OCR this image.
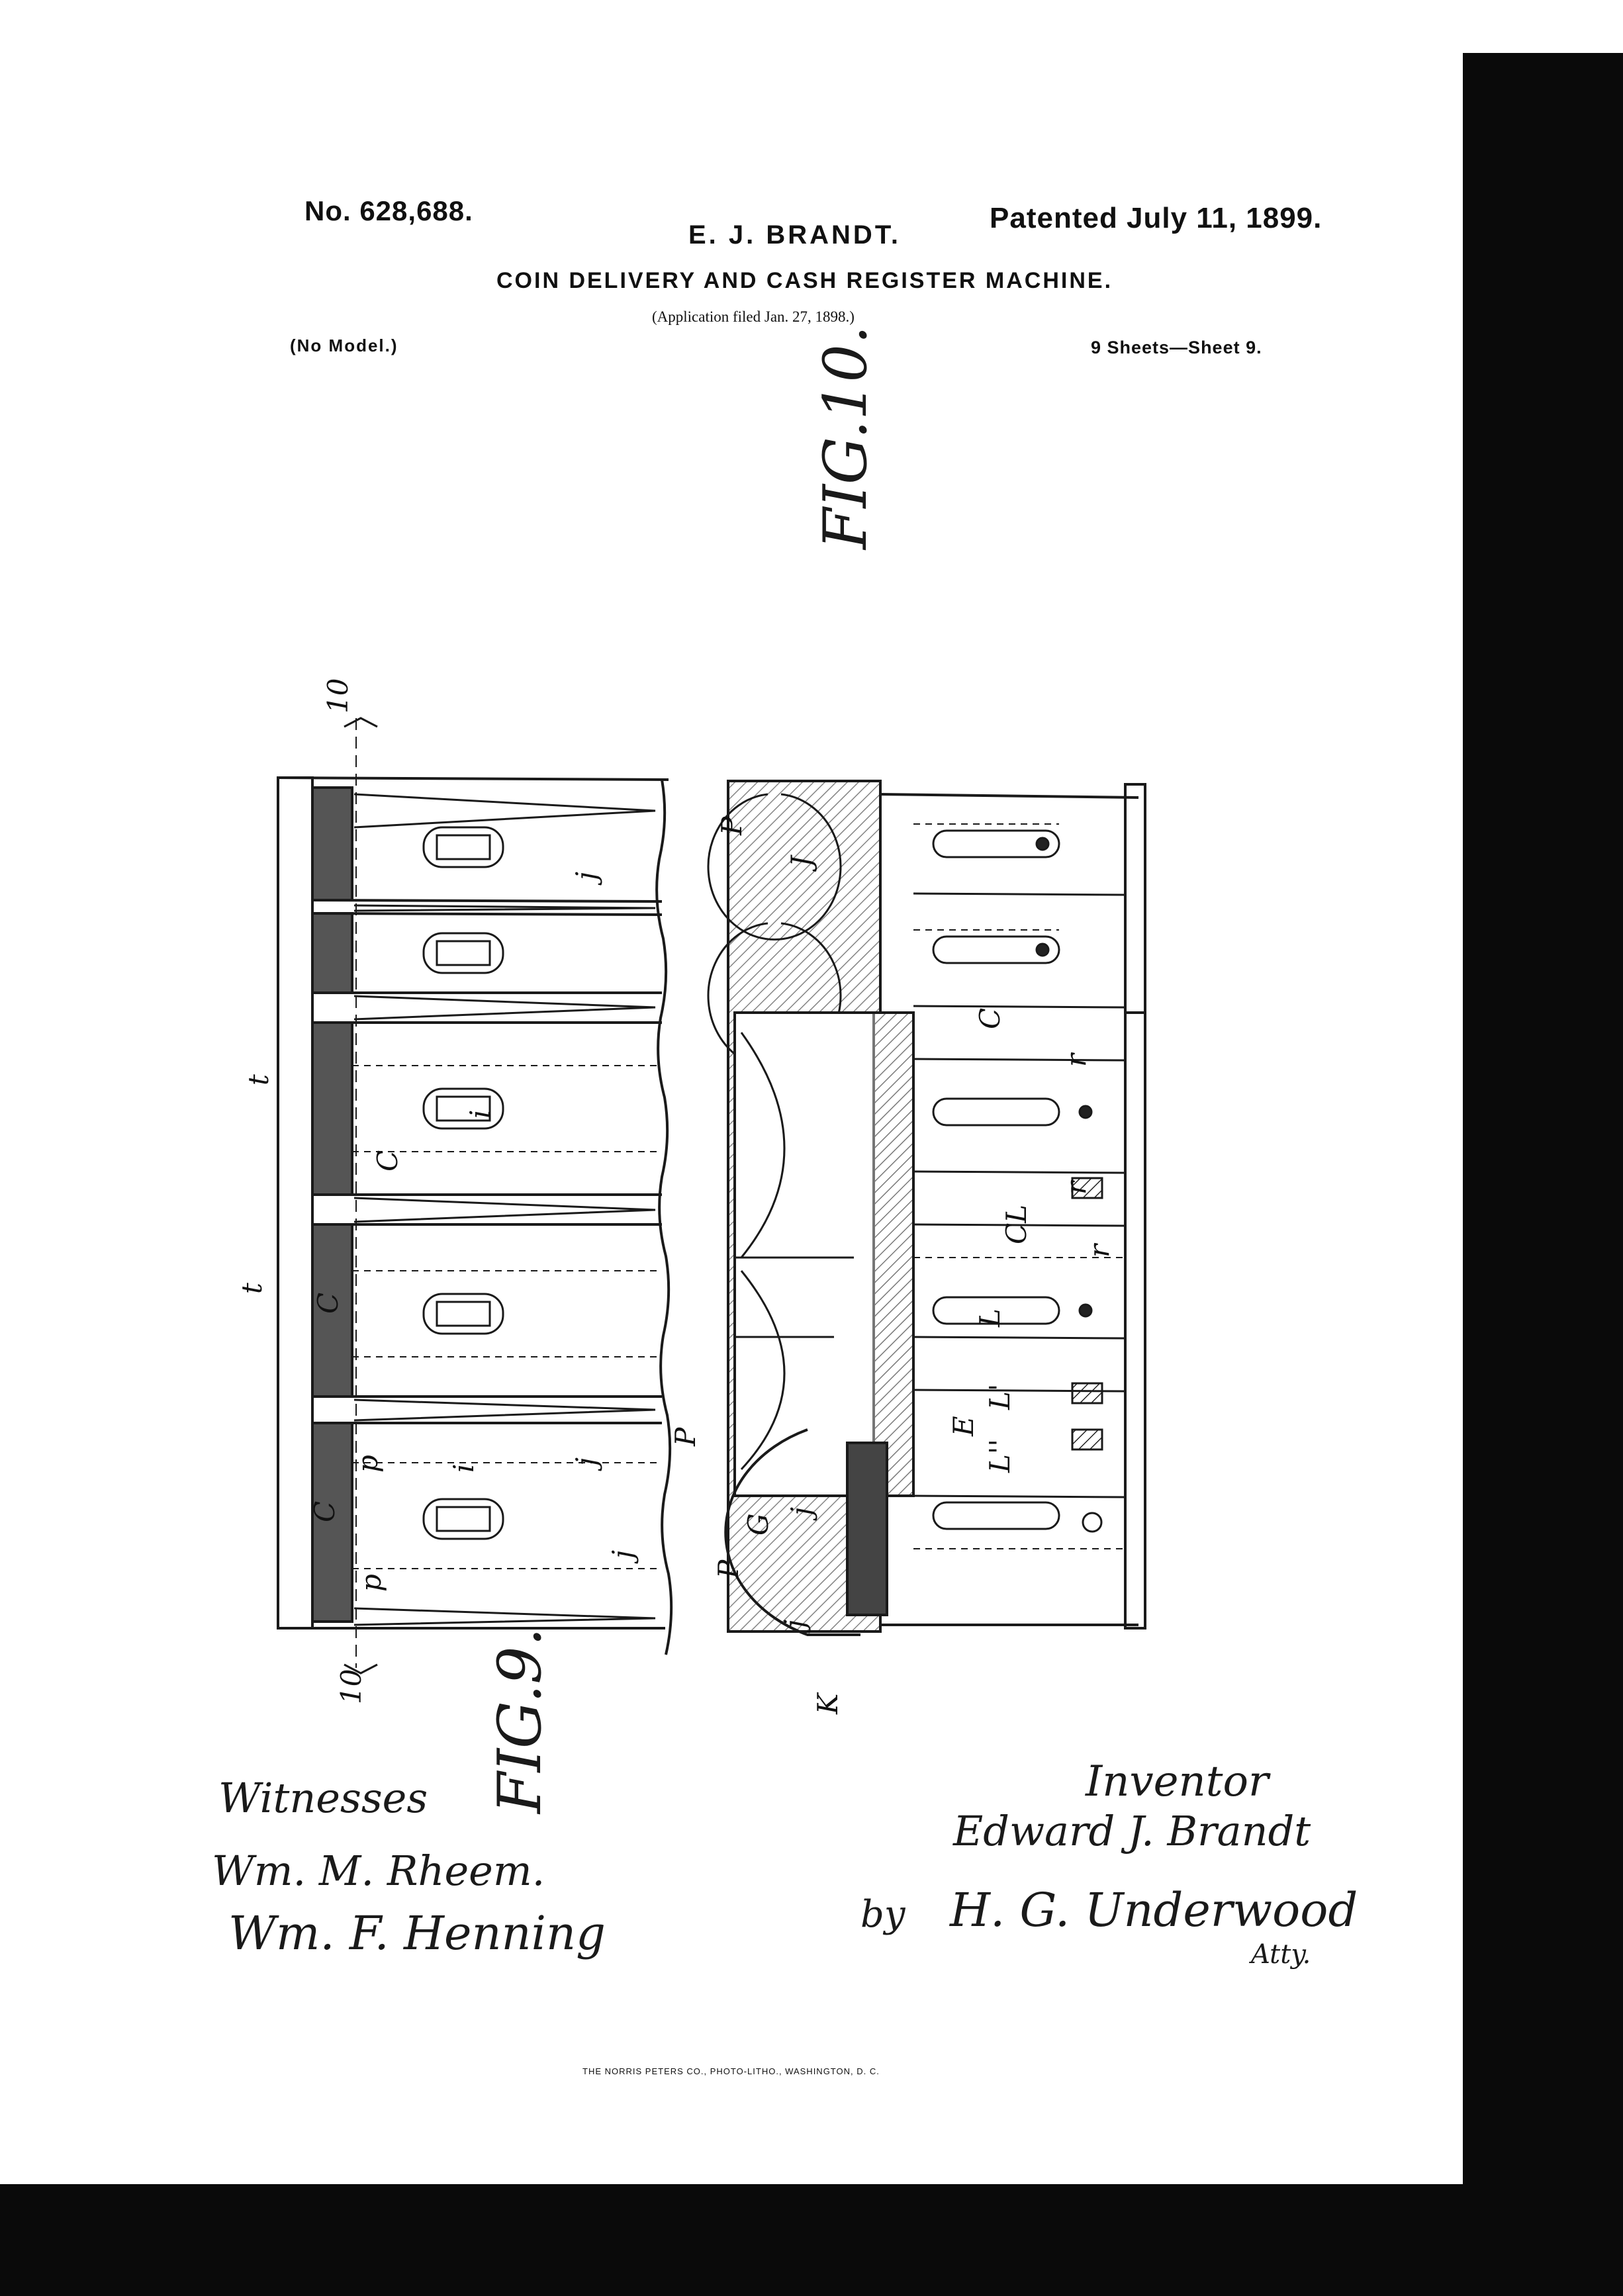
No. 628,688.	Patented July 11, 1899.
E. J. BRANDT.
COIN DELIVERY AND CASH REGISTER MACHINE.
(Application filed Jan. 27, 1898.)
(No Model.)	9 Sheets—Sheet 9.
10
10
t
t
C
C
C
i
i
j
j
j
p
p
P
J
C
r
r
r
CL
L
L'
L''
E
P
G
j
j
P
K
FIG.10.
FIG.9.
Witnesses
Wm. M. Rheem.
Wm. F. Henning
Inventor
Edward J. Brandt
by H. G. Underwood
Atty.
THE NORRIS PETERS CO., PHOTO-LITHO., WASHINGTON, D. C.
